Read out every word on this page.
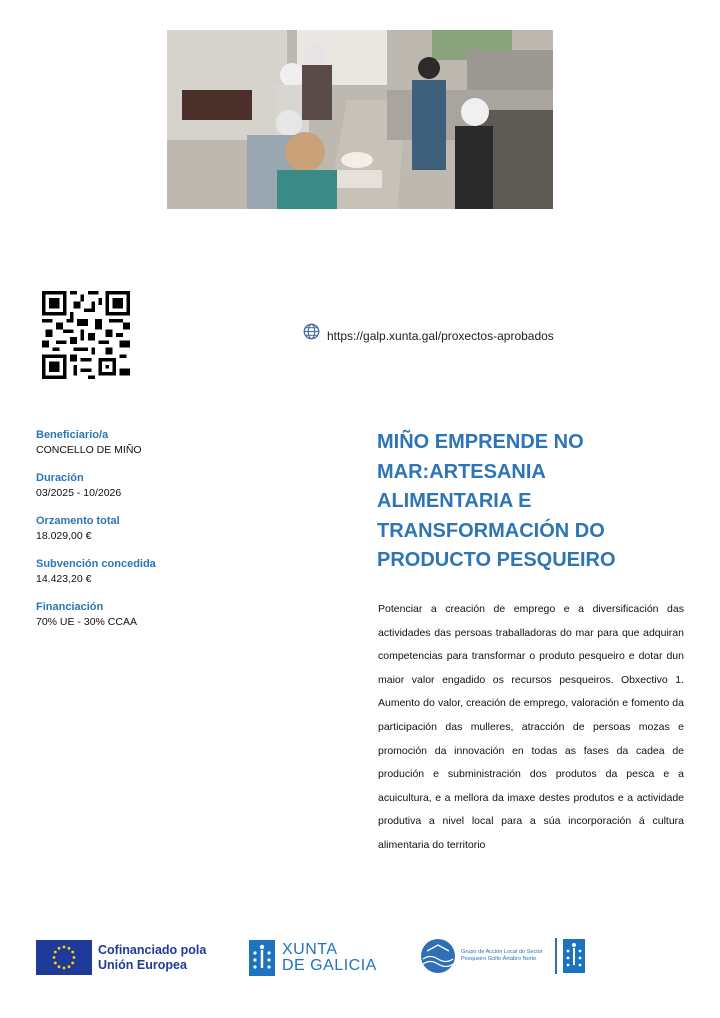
https://galp.xunta.gal/proxectos-aprobados
Beneficiario/a
CONCELLO DE MIÑO
Duración
03/2025 - 10/2026
Orzamento total
18.029,00 €
Subvención concedida
14.423,20 €
Financiación
70% UE - 30% CCAA
MIÑO EMPRENDE NO MAR:ARTESANIA ALIMENTARIA E TRANSFORMACIÓN DO PRODUCTO PESQUEIRO

Potenciar a creación de emprego e a diversificación das actividades das persoas traballadoras do mar para que adquiran competencias para transformar o produto pesqueiro e dotar dun maior valor engadido os recursos pesqueiros. Obxectivo 1. Aumento do valor, creación de emprego, valoración e fomento da participación das mulleres, atracción de persoas mozas e promoción da innovación en todas as fases da cadea de produción e subministración dos produtos da pesca e a acuicultura, e a mellora da imaxe destes produtos e a actividade produtiva a nivel local para a súa incorporación á cultura alimentaria do territorio

Cofinanciado pola
Unión Europea
XUNTA
DE GALICIA
Grupo de Acción Local do Sector Pesqueiro Golfo Ártabro Norte
